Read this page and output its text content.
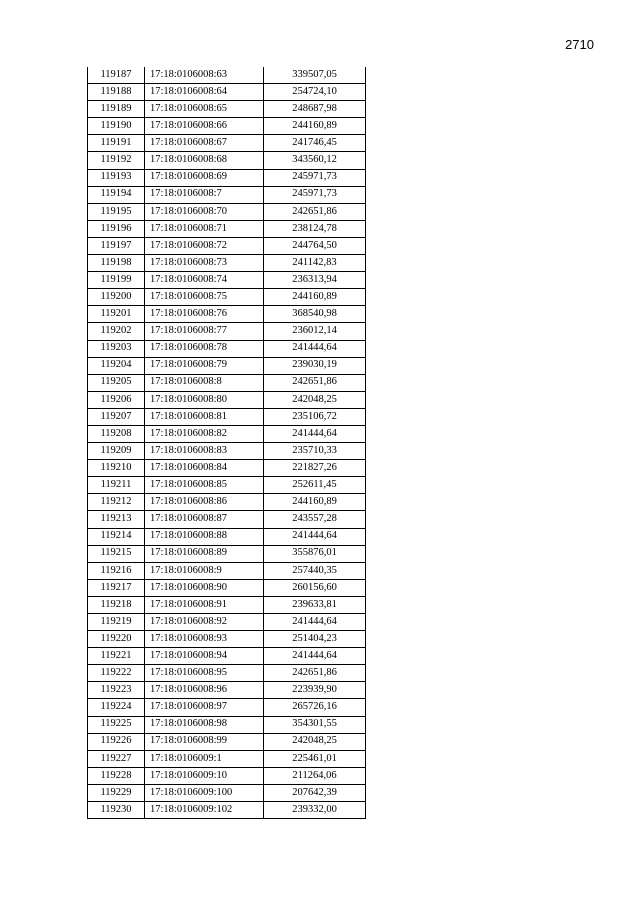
2710
119187	17:18:0106008:63	339507,05
119188	17:18:0106008:64	254724,10
119189	17:18:0106008:65	248687,98
119190	17:18:0106008:66	244160,89
119191	17:18:0106008:67	241746,45
119192	17:18:0106008:68	343560,12
119193	17:18:0106008:69	245971,73
119194	17:18:0106008:7	245971,73
119195	17:18:0106008:70	242651,86
119196	17:18:0106008:71	238124,78
119197	17:18:0106008:72	244764,50
119198	17:18:0106008:73	241142,83
119199	17:18:0106008:74	236313,94
119200	17:18:0106008:75	244160,89
119201	17:18:0106008:76	368540,98
119202	17:18:0106008:77	236012,14
119203	17:18:0106008:78	241444,64
119204	17:18:0106008:79	239030,19
119205	17:18:0106008:8	242651,86
119206	17:18:0106008:80	242048,25
119207	17:18:0106008:81	235106,72
119208	17:18:0106008:82	241444,64
119209	17:18:0106008:83	235710,33
119210	17:18:0106008:84	221827,26
119211	17:18:0106008:85	252611,45
119212	17:18:0106008:86	244160,89
119213	17:18:0106008:87	243557,28
119214	17:18:0106008:88	241444,64
119215	17:18:0106008:89	355876,01
119216	17:18:0106008:9	257440,35
119217	17:18:0106008:90	260156,60
119218	17:18:0106008:91	239633,81
119219	17:18:0106008:92	241444,64
119220	17:18:0106008:93	251404,23
119221	17:18:0106008:94	241444,64
119222	17:18:0106008:95	242651,86
119223	17:18:0106008:96	223939,90
119224	17:18:0106008:97	265726,16
119225	17:18:0106008:98	354301,55
119226	17:18:0106008:99	242048,25
119227	17:18:0106009:1	225461,01
119228	17:18:0106009:10	211264,06
119229	17:18:0106009:100	207642,39
119230	17:18:0106009:102	239332,00
